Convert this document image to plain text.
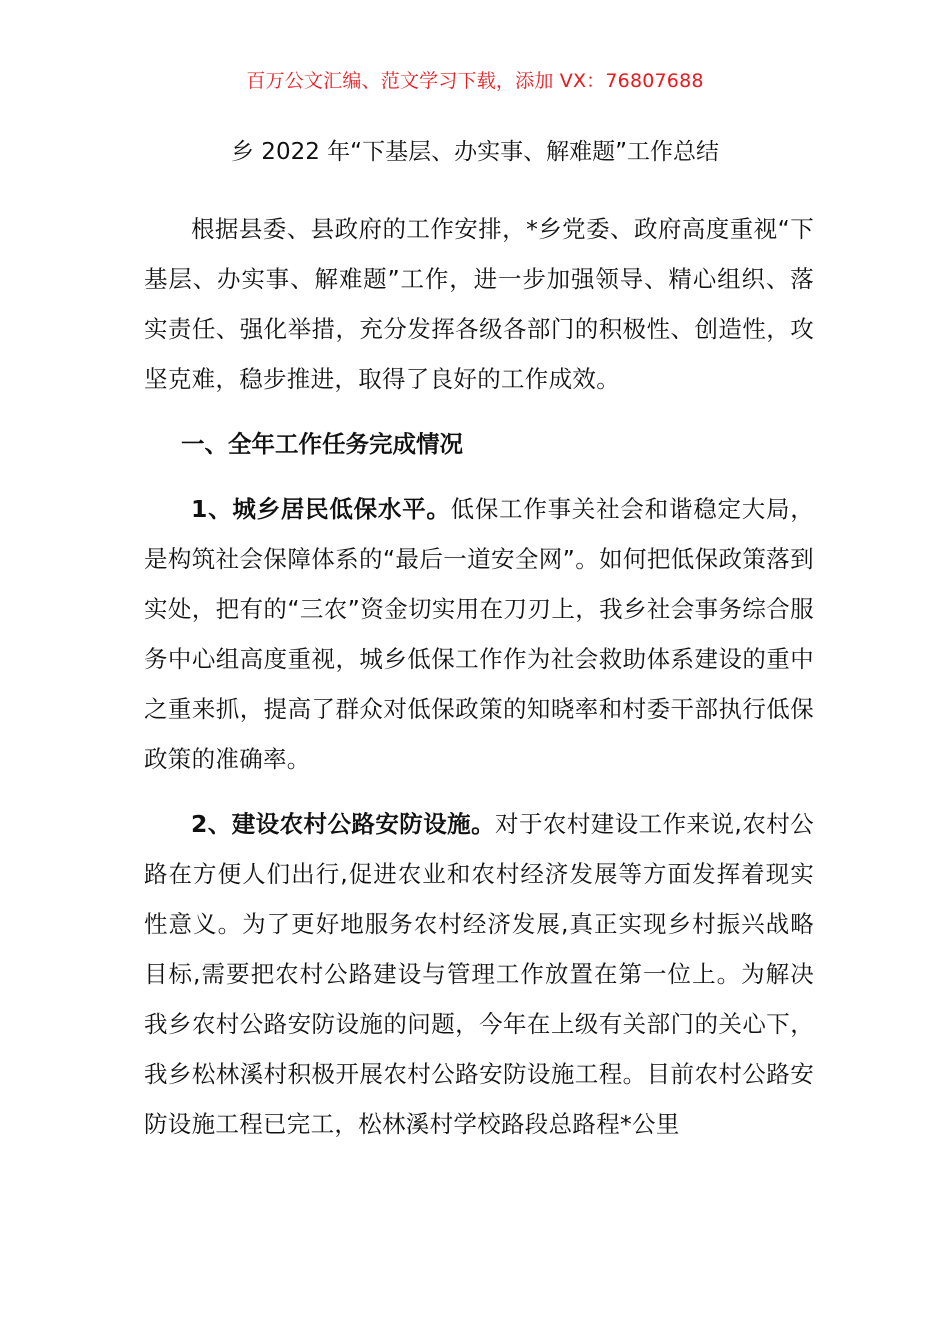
百万公文汇编、范文学习下载，添加 VX：76807688
乡 2022 年“下基层、办实事、解难题”工作总结

根据县委、县政府的工作安排，*乡党委、政府高度重视“下基层、办实事、解难题”工作，进一步加强领导、精心组织、落实责任、强化举措，充分发挥各级各部门的积极性、创造性，攻坚克难，稳步推进，取得了良好的工作成效。

一、全年工作任务完成情况

1、城乡居民低保水平。低保工作事关社会和谐稳定大局，是构筑社会保障体系的“最后一道安全网”。如何把低保政策落到实处，把有的“三农”资金切实用在刀刃上，我乡社会事务综合服务中心组高度重视，城乡低保工作作为社会救助体系建设的重中之重来抓，提高了群众对低保政策的知晓率和村委干部执行低保政策的准确率。

2、建设农村公路安防设施。对于农村建设工作来说,农村公路在方便人们出行,促进农业和农村经济发展等方面发挥着现实性意义。为了更好地服务农村经济发展,真正实现乡村振兴战略目标,需要把农村公路建设与管理工作放置在第一位上。为解决我乡农村公路安防设施的问题，今年在上级有关部门的关心下，我乡松林溪村积极开展农村公路安防设施工程。目前农村公路安防设施工程已完工，松林溪村学校路段总路程*公里
